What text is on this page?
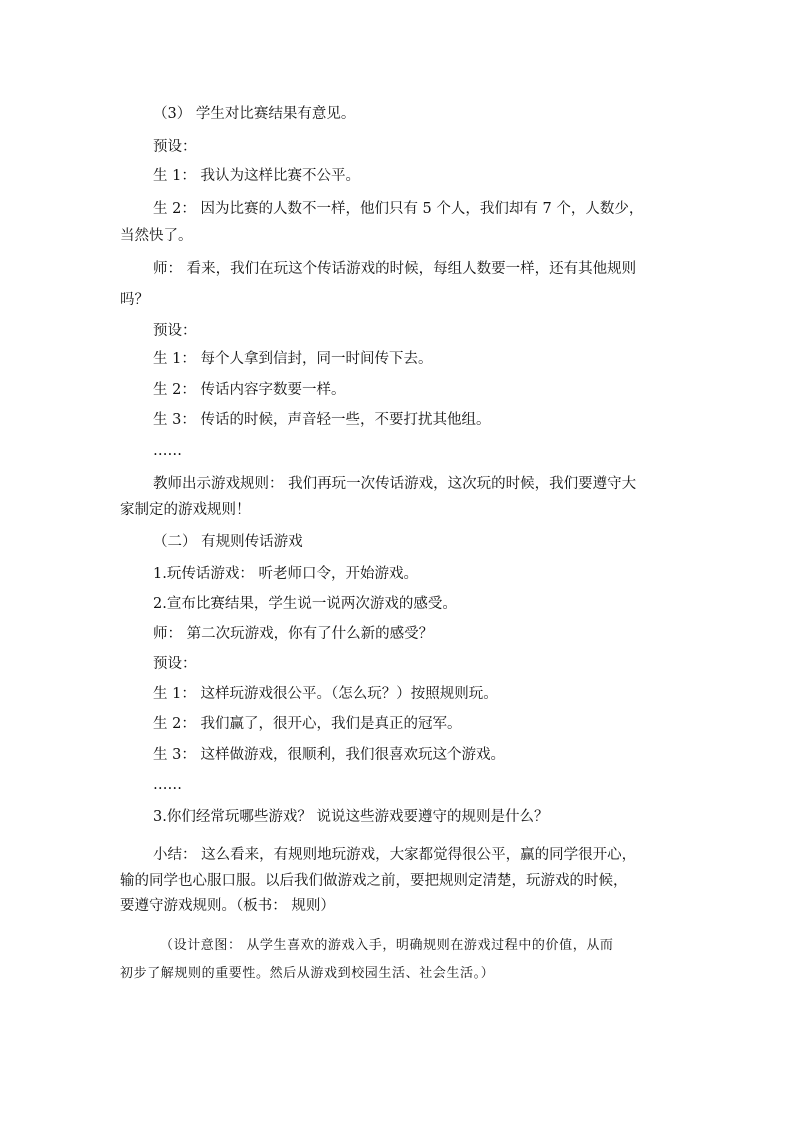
（3） 学生对比赛结果有意见。
预设：
生 1： 我认为这样比赛不公平。
生 2： 因为比赛的人数不一样，他们只有 5 个人，我们却有 7 个，人数少，
当然快了。
师： 看来，我们在玩这个传话游戏的时候，每组人数要一样，还有其他规则
吗？
预设：
生 1： 每个人拿到信封，同一时间传下去。
生 2： 传话内容字数要一样。
生 3： 传话的时候，声音轻一些，不要打扰其他组。
……
教师出示游戏规则： 我们再玩一次传话游戏，这次玩的时候，我们要遵守大
家制定的游戏规则！
（二） 有规则传话游戏
1.玩传话游戏： 听老师口令，开始游戏。
2.宣布比赛结果，学生说一说两次游戏的感受。
师： 第二次玩游戏，你有了什么新的感受？
预设：
生 1： 这样玩游戏很公平。（怎么玩？）按照规则玩。
生 2： 我们赢了，很开心，我们是真正的冠军。
生 3： 这样做游戏，很顺利，我们很喜欢玩这个游戏。
……
3.你们经常玩哪些游戏？ 说说这些游戏要遵守的规则是什么？
小结： 这么看来，有规则地玩游戏，大家都觉得很公平，赢的同学很开心，
输的同学也心服口服。以后我们做游戏之前，要把规则定清楚，玩游戏的时候，
要遵守游戏规则。（板书： 规则）
（设计意图： 从学生喜欢的游戏入手，明确规则在游戏过程中的价值，从而
初步了解规则的重要性。然后从游戏到校园生活、社会生活。）
